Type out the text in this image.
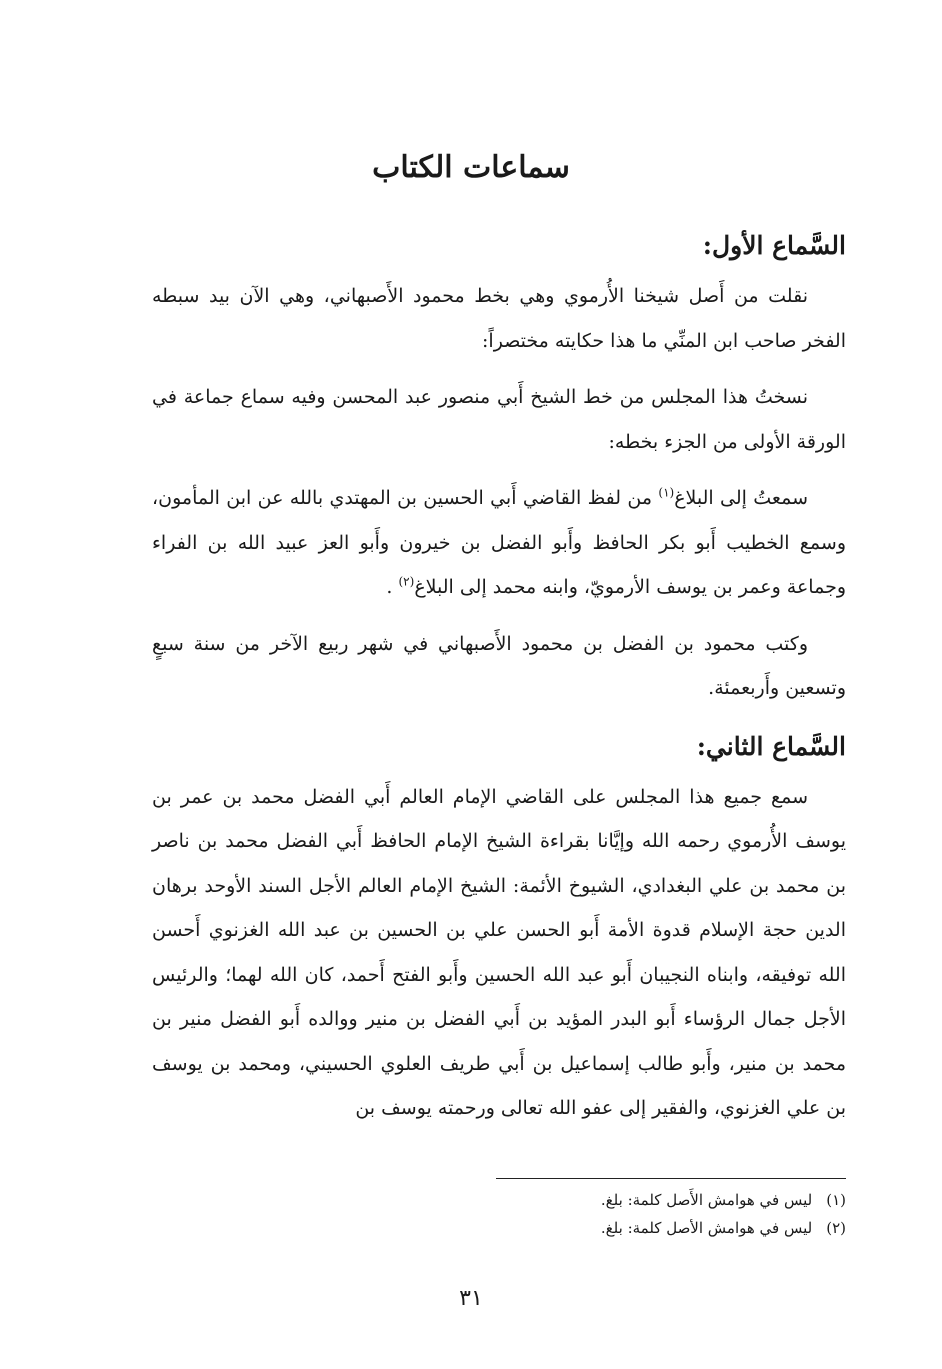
سماعات الكتاب
السَّماع الأول:

نقلت من أَصل شيخنا الأُرموي وهي بخط محمود الأَصبهاني، وهي الآن بيد سبطه الفخر صاحب ابن المنِّي ما هذا حكايته مختصراً:

نسختُ هذا المجلس من خط الشيخ أَبي منصور عبد المحسن وفيه سماع جماعة في الورقة الأولى من الجزء بخطه:

سمعتُ إلى البلاغ$^{(١)}$ من لفظ القاضي أَبي الحسين بن المهتدي بالله عن ابن المأمون، وسمع الخطيب أَبو بكر الحافظ وأَبو الفضل بن خيرون وأَبو العز عبيد الله بن الفراء وجماعة وعمر بن يوسف الأرمويّ، وابنه محمد إلى البلاغ$^{(٢)}$ .

وكتب محمود بن الفضل بن محمود الأَصبهاني في شهر ربيع الآخر من سنة سبعٍ وتسعين وأَربعمئة.

السَّماع الثاني:

سمع جميع هذا المجلس على القاضي الإمام العالم أَبي الفضل محمد بن عمر بن يوسف الأُرموي رحمه الله وإيَّانا بقراءة الشيخ الإمام الحافظ أَبي الفضل محمد بن ناصر بن محمد بن علي البغدادي، الشيوخ الأئمة: الشيخ الإمام العالم الأجل السند الأوحد برهان الدين حجة الإسلام قدوة الأمة أَبو الحسن علي بن الحسين بن عبد الله الغزنوي أَحسن الله توفيقه، وابناه النجيبان أَبو عبد الله الحسين وأَبو الفتح أَحمد، كان الله لهما؛ والرئيس الأجل جمال الرؤساء أَبو البدر المؤيد بن أَبي الفضل بن منير ووالده أَبو الفضل منير بن محمد بن منير، وأَبو طالب إسماعيل بن أَبي طريف العلوي الحسيني، ومحمد بن يوسف بن علي الغزنوي، والفقير إلى عفو الله تعالى ورحمته يوسف بن

(١)
ليس في هوامش الأَصل كلمة: بلغ.
(٢)
ليس في هوامش الأصل كلمة: بلغ.
٣١
